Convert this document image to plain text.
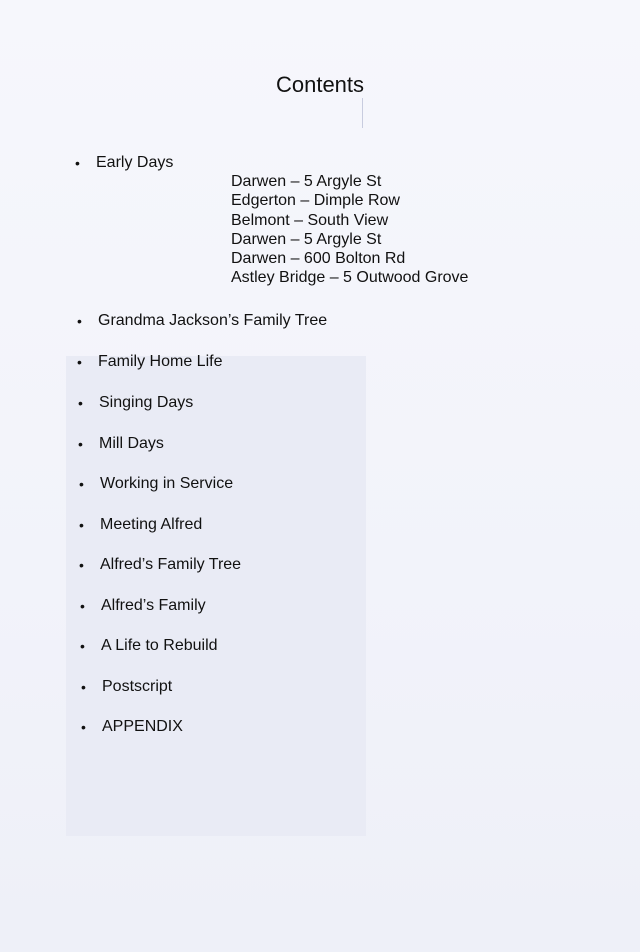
Contents
• Early Days
Darwen – 5 Argyle St
Edgerton – Dimple Row
Belmont – South View
Darwen – 5 Argyle St
Darwen – 600 Bolton Rd
Astley Bridge – 5 Outwood Grove
• Grandma Jackson’s Family Tree
• Family Home Life
• Singing Days
• Mill Days
• Working in Service
• Meeting Alfred
• Alfred’s Family Tree
• Alfred’s Family
• A Life to Rebuild
• Postscript
• APPENDIX
